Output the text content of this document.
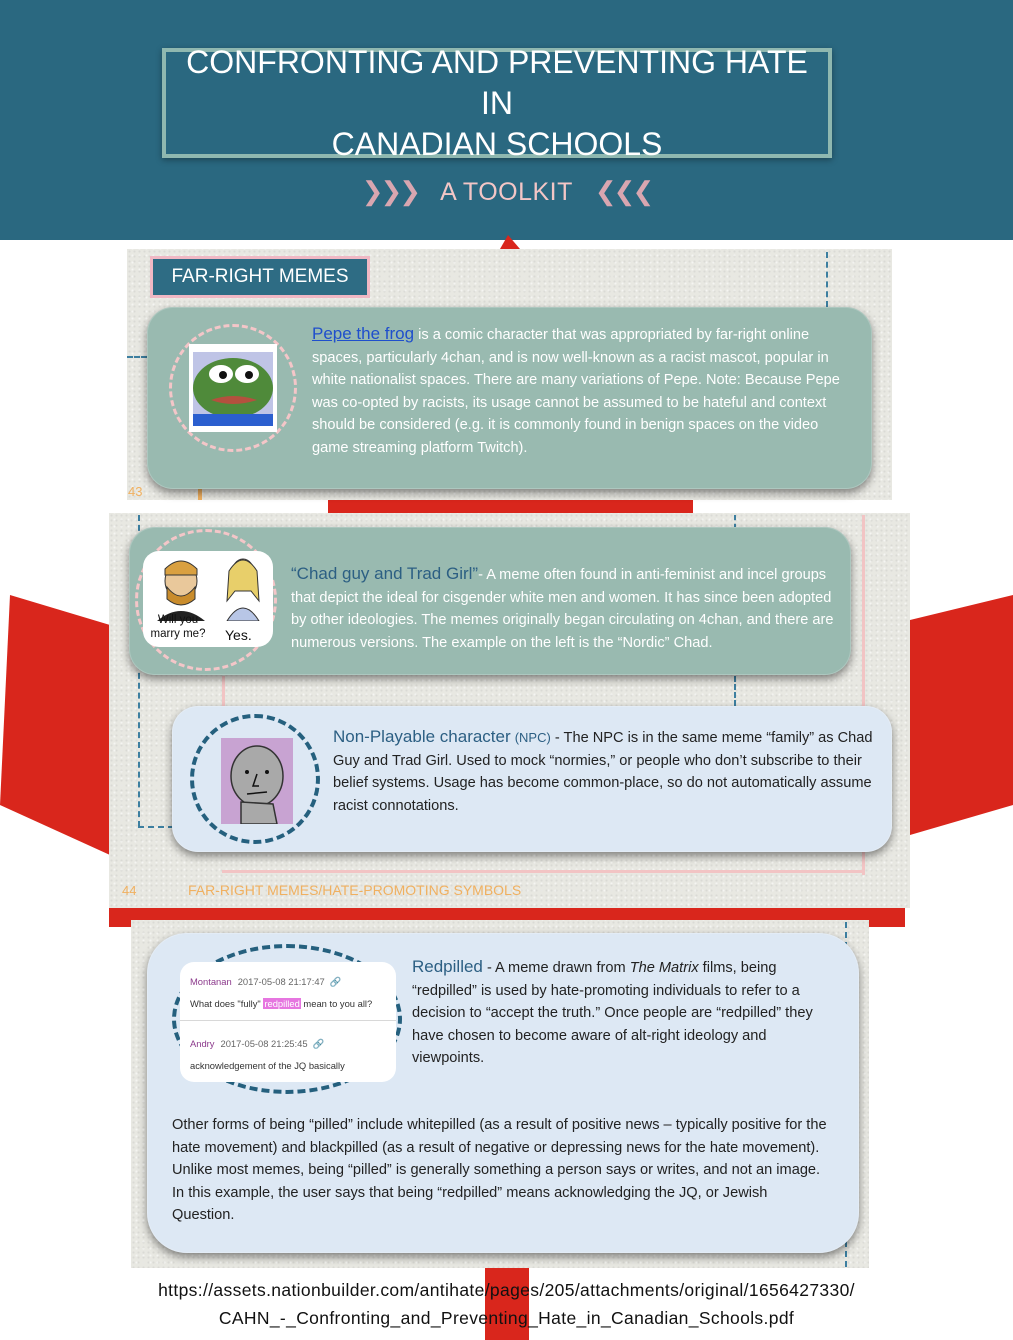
CONFRONTING AND PREVENTING HATE IN
CANADIAN SCHOOLS
❯❯❯ A TOOLKIT ❮❮❮
FAR-RIGHT MEMES
Pepe the frog is a comic character that was appropriated by far-right online spaces, particularly 4chan, and is now well-known as a racist mascot, popular in white nationalist spaces. There are many variations of Pepe. Note: Because Pepe was co-opted by racists, its usage cannot be assumed to be hateful and context should be considered (e.g. it is commonly found in benign spaces on the video game streaming platform Twitch).
43
Will you marry me? Yes.
“Chad guy and Trad Girl”- A meme often found in anti-feminist and incel groups that depict the ideal for cisgender white men and women. It has since been adopted by other ideologies. The memes originally began circulating on 4chan, and there are numerous versions. The example on the left is the “Nordic” Chad.
Non-Playable character (NPC) - The NPC is in the same meme “family” as Chad Guy and Trad Girl. Used to mock “normies,” or people who don’t subscribe to their belief systems. Usage has become common-place, so do not automatically assume racist connotations.
44	FAR-RIGHT MEMES/HATE-PROMOTING SYMBOLS
Redpilled - A meme drawn from The Matrix films, being “redpilled” is used by hate-promoting individuals to refer to a decision to “accept the truth.” Once people are “redpilled” they have chosen to become aware of alt-right ideology and viewpoints.
Other forms of being “pilled” include whitepilled (as a result of positive news – typically positive for the hate movement) and blackpilled (as a result of negative or depressing news for the hate movement). Unlike most memes, being “pilled” is generally something a person says or writes, and not an image. In this example, the user says that being “redpilled” means acknowledging the JQ, or Jewish Question.
Montanan 2017-05-08 21:17:47 🔗
What does "fully" redpilled mean to you all?
Andry 2017-05-08 21:25:45 🔗
acknowledgement of the JQ basically
https://assets.nationbuilder.com/antihate/pages/205/attachments/original/1656427330/
CAHN_-_Confronting_and_Preventing_Hate_in_Canadian_Schools.pdf
